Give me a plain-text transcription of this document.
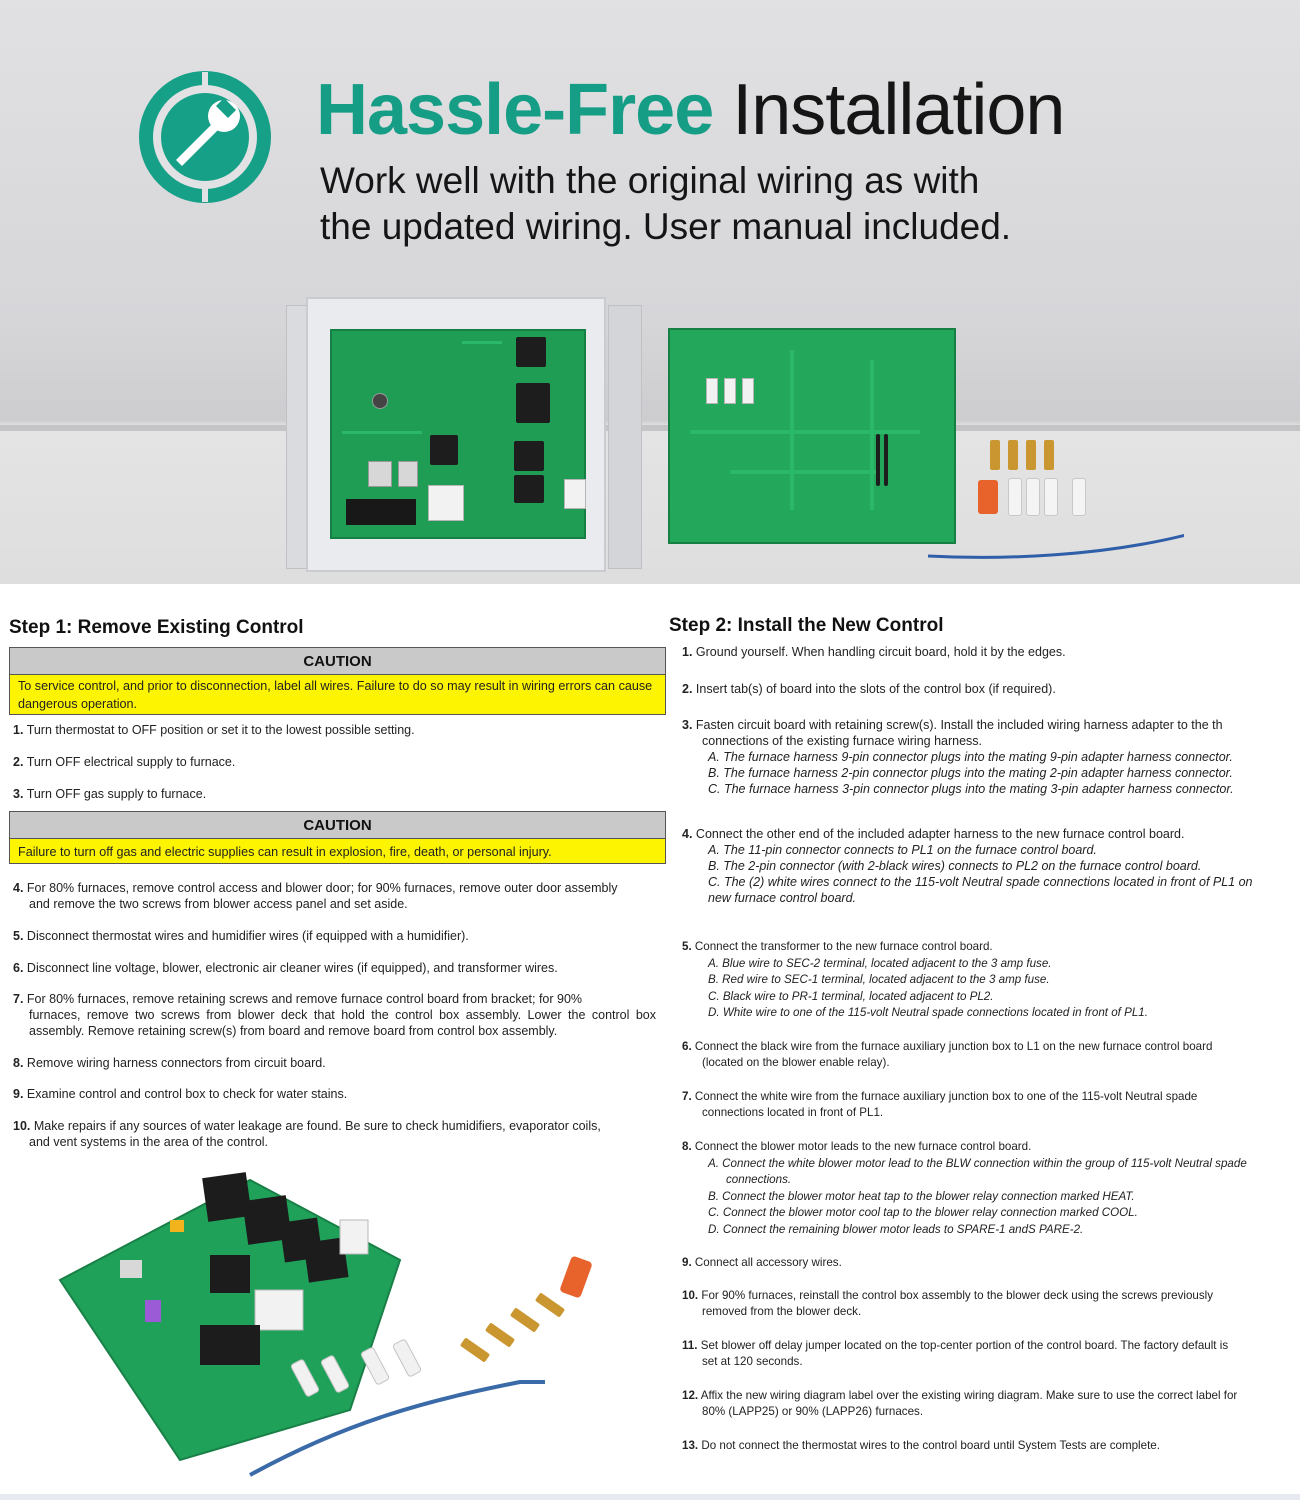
Hassle-Free Installation
Work well with the original wiring as with
the updated wiring. User manual included.
Step 1: Remove Existing Control
CAUTION
To service control, and prior to disconnection, label all wires. Failure to do so may result in wiring errors can cause dangerous operation.
1. Turn thermostat to OFF position or set it to the lowest possible setting.
2. Turn OFF electrical supply to furnace.
3. Turn OFF gas supply to furnace.
CAUTION
Failure to turn off gas and electric supplies can result in explosion, fire, death, or personal injury.
4. For 80% furnaces, remove control access and blower door; for 90% furnaces, remove outer door assembly
and remove the two screws from blower access panel and set aside.
5. Disconnect thermostat wires and humidifier wires (if equipped with a humidifier).
6. Disconnect line voltage, blower, electronic air cleaner wires (if equipped), and transformer wires.
7. For 80% furnaces, remove retaining screws and remove furnace control board from bracket; for 90%
furnaces, remove two screws from blower deck that hold the control box assembly. Lower the control box assembly. Remove retaining screw(s) from board and remove board from control box assembly.
8. Remove wiring harness connectors from circuit board.
9. Examine control and control box to check for water stains.
10. Make repairs if any sources of water leakage are found. Be sure to check humidifiers, evaporator coils,
and vent systems in the area of the control.
Step 2: Install the New Control
1. Ground yourself. When handling circuit board, hold it by the edges.
2. Insert tab(s) of board into the slots of the control box (if required).
3. Fasten circuit board with retaining screw(s). Install the included wiring harness adapter to the th
connections of the existing furnace wiring harness.
A. The furnace harness 9-pin connector plugs into the mating 9-pin adapter harness connector.
B. The furnace harness 2-pin connector plugs into the mating 2-pin adapter harness connector.
C. The furnace harness 3-pin connector plugs into the mating 3-pin adapter harness connector.
4. Connect the other end of the included adapter harness to the new furnace control board.
A. The 11-pin connector connects to PL1 on the furnace control board.
B. The 2-pin connector (with 2-black wires) connects to PL2 on the furnace control board.
C. The (2) white wires connect to the 115-volt Neutral spade connections located in front of PL1 on
new furnace control board.
5. Connect the transformer to the new furnace control board.
A. Blue wire to SEC-2 terminal, located adjacent to the 3 amp fuse.
B. Red wire to SEC-1 terminal, located adjacent to the 3 amp fuse.
C. Black wire to PR-1 terminal, located adjacent to PL2.
D. White wire to one of the 115-volt Neutral spade connections located in front of PL1.
6. Connect the black wire from the furnace auxiliary junction box to L1 on the new furnace control board
(located on the blower enable relay).
7. Connect the white wire from the furnace auxiliary junction box to one of the 115-volt Neutral spade
connections located in front of PL1.
8. Connect the blower motor leads to the new furnace control board.
A. Connect the white blower motor lead to the BLW connection within the group of 115-volt Neutral spade
connections.
B. Connect the blower motor heat tap to the blower relay connection marked HEAT.
C. Connect the blower motor cool tap to the blower relay connection marked COOL.
D. Connect the remaining blower motor leads to SPARE-1 andS PARE-2.
9. Connect all accessory wires.
10. For 90% furnaces, reinstall the control box assembly to the blower deck using the screws previously
removed from the blower deck.
11. Set blower off delay jumper located on the top-center portion of the control board. The factory default is
set at 120 seconds.
12. Affix the new wiring diagram label over the existing wiring diagram. Make sure to use the correct label for
80% (LAPP25) or 90% (LAPP26) furnaces.
13. Do not connect the thermostat wires to the control board until System Tests are complete.
